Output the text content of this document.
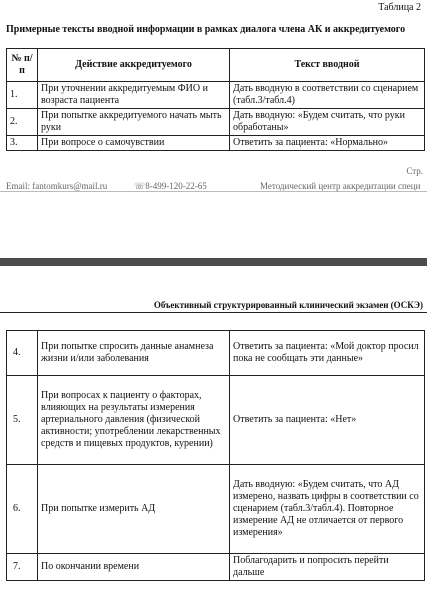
Таблица 2
Примерные тексты вводной информации в рамках диалога члена АК и аккредитуемого
№ п/п	Действие аккредитуемого	Текст вводной
1.	При уточнении аккредитуемым ФИО и возраста пациента	Дать вводную в соответствии со сценарием (табл.3/табл.4)
2.	При попытке аккредитуемого начать мыть руки	Дать вводную: «Будем считать, что руки обработаны»
3.	При вопросе о самочувствии	Ответить за пациента: «Нормально»
Стр.
Email: fantomkurs@mail.ru	☏8-499-120-22-65	Методический центр аккредитации специ
Объективный структурированный клинический экзамен (ОСКЭ)
4.	При попытке спросить данные анамнеза жизни и/или заболевания	Ответить за пациента: «Мой доктор просил пока не сообщать эти данные»
5.	При вопросах к пациенту о факторах, влияющих на результаты измерения артериального давления (физической активности; употреблении лекарственных средств и пищевых продуктов, курении)	Ответить за пациента: «Нет»
6.	При попытке измерить АД	Дать вводную: «Будем считать, что АД измерено, назвать цифры в соответствии со сценарием (табл.3/табл.4). Повторное измерение АД не отличается от первого измерения»
7.	По окончании времени	Поблагодарить и попросить перейти дальше
